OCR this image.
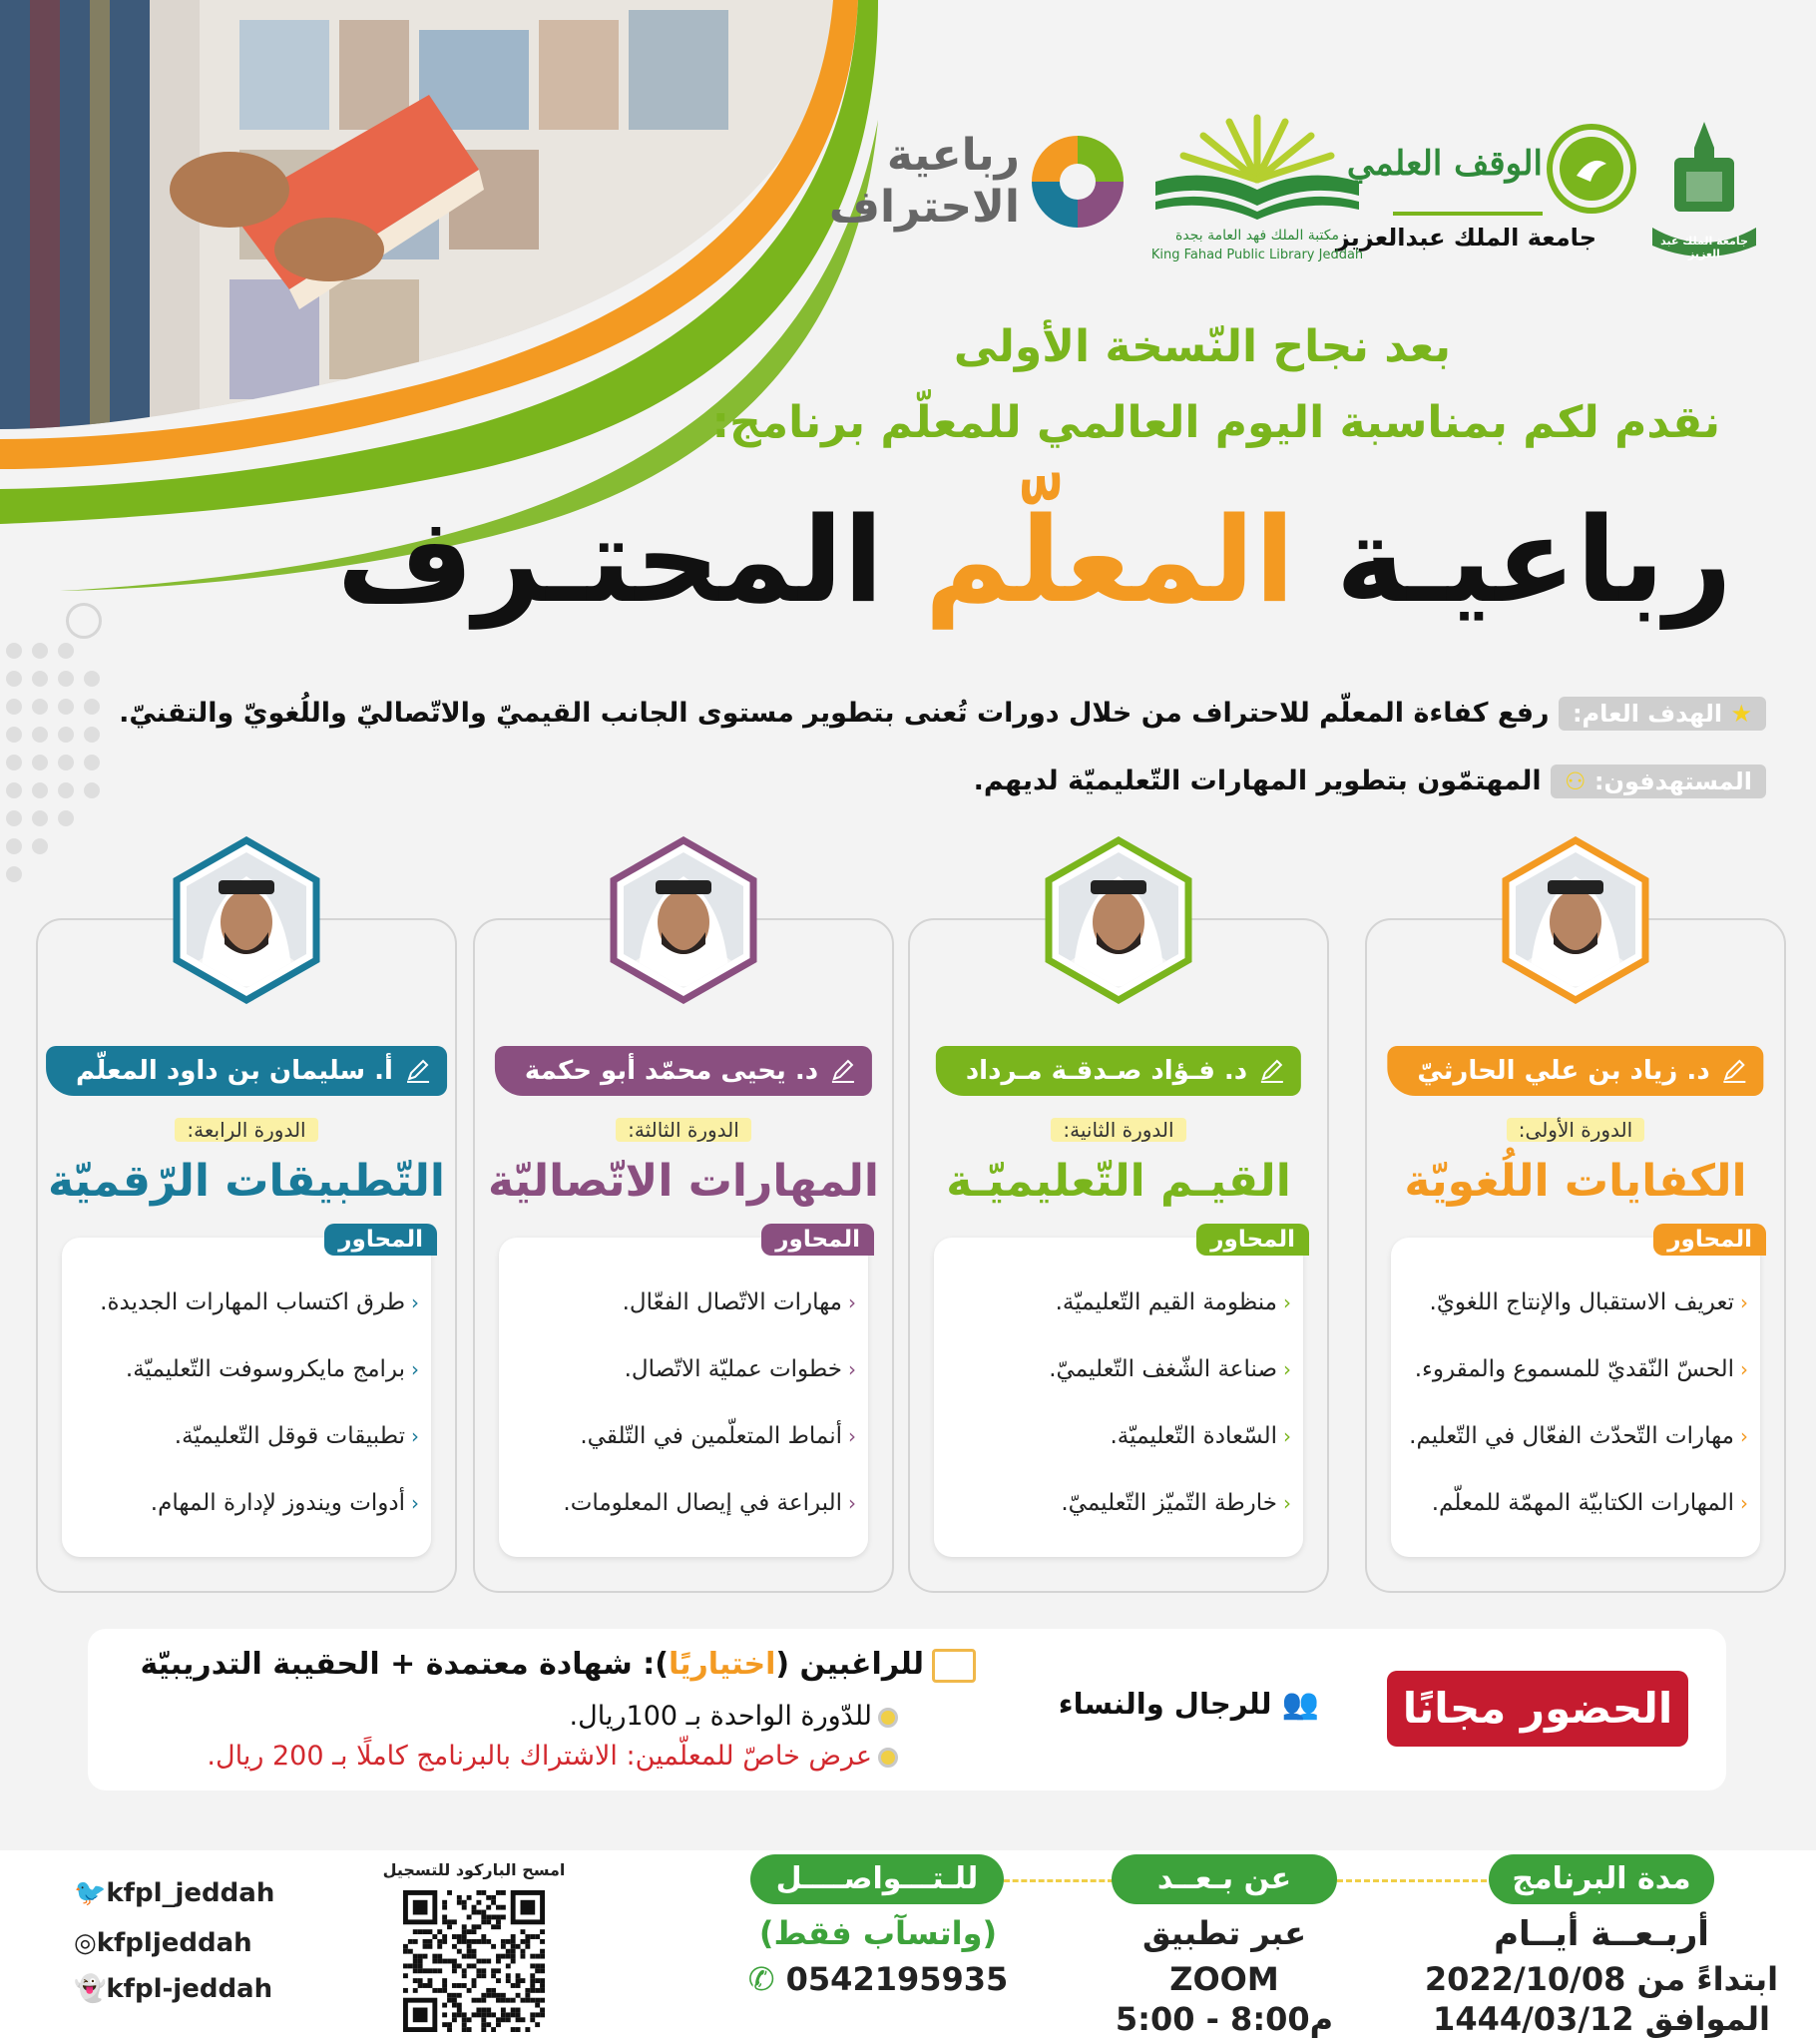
جامعة الملك عبد العزيز
الوقف العلمي
جامعة الملك عبدالعزيز
مكتبة الملك فهد العامة بجدة
King Fahad Public Library Jeddah
رباعية
الاحتراف
بعد نجاح النّسخة الأولى
نقدم لكم بمناسبة اليوم العالمي للمعلّم برنامج:
رباعيـة المعلّم المحتـرف
★ الهدف العام: رفع كفاءة المعلّم للاحتراف من خلال دورات تُعنى بتطوير مستوى الجانب القيميّ والاتّصاليّ واللُغويّ والتقنيّ.
المستهدفون: ⚇ المهتمّون بتطوير المهارات التّعليميّة لديهم.
د. زياد بن علي الحارثيّ
الدورة الأولى:
الكفايات اللُغويّة
المحاور
‹تعريف الاستقبال والإنتاج اللغويّ.
‹الحسّ النّقديّ للمسموع والمقروء.
‹مهارات التّحدّث الفعّال في التّعليم.
‹المهارات الكتابيّة المهمّة للمعلّم.
د. فـؤاد صـدقـة مـرداد
الدورة الثانية:
القيـم التّعليميّـة
المحاور
‹منظومة القيم التّعليميّة.
‹صناعة الشّغف التّعليميّ.
‹السّعادة التّعليميّة.
‹خارطة التّميّز التّعليميّ.
د. يحيى محمّد أبو حكمة
الدورة الثالثة:
المهارات الاتّصاليّة
المحاور
‹مهارات الاتّصال الفعّال.
‹خطوات عمليّة الاتّصال.
‹أنماط المتعلّمين في التّلقي.
‹البراعة في إيصال المعلومات.
أ. سليمان بن داود المعلّم
الدورة الرابعة:
التّطبيقات الرّقميّة
المحاور
‹طرق اكتساب المهارات الجديدة.
‹برامج مايكروسوفت التّعليميّة.
‹تطبيقات قوقل التّعليميّة.
‹أدوات ويندوز لإدارة المهام.
الحضور مجانًا
👥 للرجال والنساء
للراغبين (اختياريًا): شهادة معتمدة + الحقيبة التدريبيّة
للدّورة الواحدة بـ 100ريال.
عرض خاصّ للمعلّمين: الاشتراك بالبرنامج كاملًا بـ 200 ريال.
مدة البرنامج
أربـعــة أيــام
ابتداءً من 2022/10/08
الموافق 1444/03/12
عن بـعــد
عبر تطبيق
ZOOM
5:00 - 8:00م
للـتـــواصــــل
(واتسآب فقط)
0542195935 ✆
امسح الباركود للتسجيل
🐦kfpl_jeddah
◎kfpljeddah
👻kfpl-jeddah
